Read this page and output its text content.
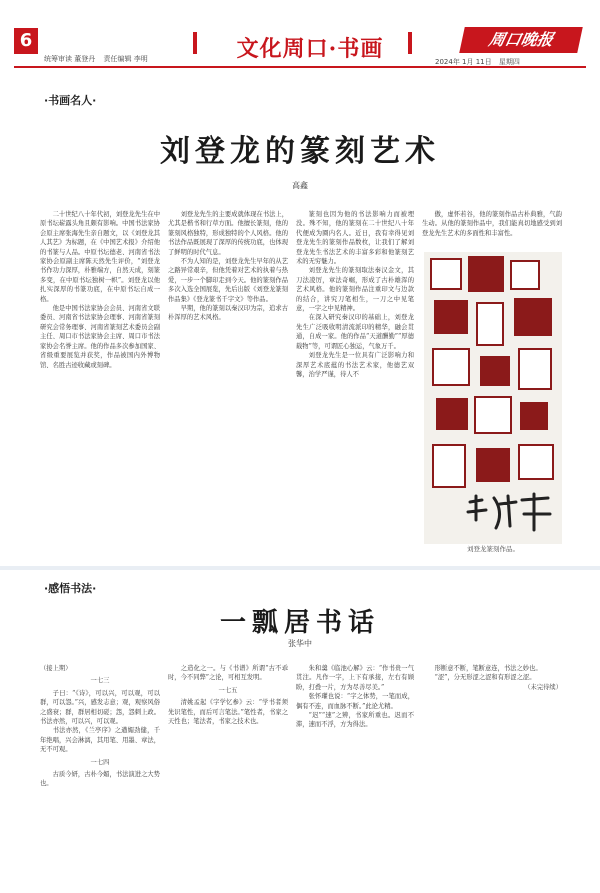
6
统筹审读 董登丹 责任编辑 李明	文化周口·书画	周口晚报
2024年 1月 11日 星期四
·书画名人·
刘登龙的篆刻艺术
高鑫

二十世纪八十年代初，刘登龙先生在中原书坛崭露头角且颇有影响。中国书法家协会原主席张海先生亲自题文，以《刘登龙其人其艺》为标题，在《中国艺术报》介绍他的书篆与人品。中原书坛德老、河南省书法家协会原副主席陈天然先生评价，“刘登龙书作功力深厚，朴雅端方，自然天成，刻篆多变，在中原书坛独树一帜”。刘登龙以他扎实深厚的书篆功底，在中原书坛自成一格。

他是中国书法家协会会员、河南省文联委员、河南省书法家协会理事、河南省篆刻研究会常务理事、河南省篆刻艺术委员会副主任、周口市书法家协会主席、周口市书法家协会名誉主席。他的作品多次参加国家、省级重要展览并获奖，作品被国内外博物馆、名胜古迹收藏或刻碑。

刘登龙先生的主要成就体现在书法上，尤其是楷书和行草方面。他擅长篆刻，他的篆刻风格独特，形成独特的个人风格。他的书法作品既展现了深厚的传统功底，也体现了鲜明的时代气息。

不为人知的是，刘登龙先生早年的从艺之路异常艰辛，但他凭着对艺术的执着与热爱，一步一个脚印走到今天。他的篆刻作品多次入选全国展览，先后出版《刘登龙篆刻作品集》《登龙篆书千字文》等作品。

早期，他的篆刻以秦汉印为宗，追求古朴浑厚的艺术风格。

篆刻也因为他的书法影响力而被埋没。殊不知，他的篆刻在二十世纪八十年代便成为圈内名人。近日，我有幸得见刘登龙先生的篆刻作品数枚，让我们了解刘登龙先生书法艺术的丰富多彩和他篆刻艺术的无穷魅力。

刘登龙先生的篆刻取法秦汉金文，其刀法凌厉，章法奇崛，形成了古朴雄浑的艺术风格。他的篆刻作品注重印文与边款的结合，讲究刀笔相生，一刀之中见笔意，一字之中见精神。

在深入研究秦汉印的基础上，刘登龙先生广泛吸收明清流派印的精华，融会贯通，自成一家。他的作品“天道酬勤”“厚德载物”等，可谓匠心独运，气象万千。

刘登龙先生是一位具有广泛影响力和深厚艺术底蕴的书法艺术家，他德艺双馨，治学严谨，待人不

傲，虚怀若谷，他的篆刻作品古朴典雅，气韵生动。从他的篆刻作品中，我们能真切地感受到刘登龙先生艺术的多面性和丰富性。

刘登龙篆刻作品。
·感悟书法·
一瓢居书话
张华中

（接上期）

一七三

子曰：“《诗》，可以兴，可以观，可以群，可以怨。”兴，感发志意；观，观察风俗之盛衰；群，群居相切磋；怨，怨刺上政。书法亦然，可以兴，可以观。

书法亦然，《兰亭序》之遒媚劲健，千年绝唱，兴会淋漓，其用笔、用墨、章法，无不可观。

一七四

古质今妍，古朴今媚，书法演进之大势也。

之造化之一。与《书谱》所谓“古不乖时，今不同弊”之论，可相互发明。

一七五

清姚孟起《字学忆参》云：“学书者须先识笔性，而后可言笔法。”笔性者，书家之天性也；笔法者，书家之技术也。

朱和羹《临池心解》云：“作书贵一气贯注。凡作一字，上下有承接，左右有顾盼，打叠一片，方为尽善尽美。”

张怀瓘也说：“字之体势，一笔而成，偶有不连，而血脉不断。”此论尤精。

“迟”“速”之辨，书家所重也。迟而不滞，速而不浮，方为得法。

形断意不断，笔断意连，书法之妙也。

“涩”，分无形涩之涩和有形涩之涩。

（未完待续）
